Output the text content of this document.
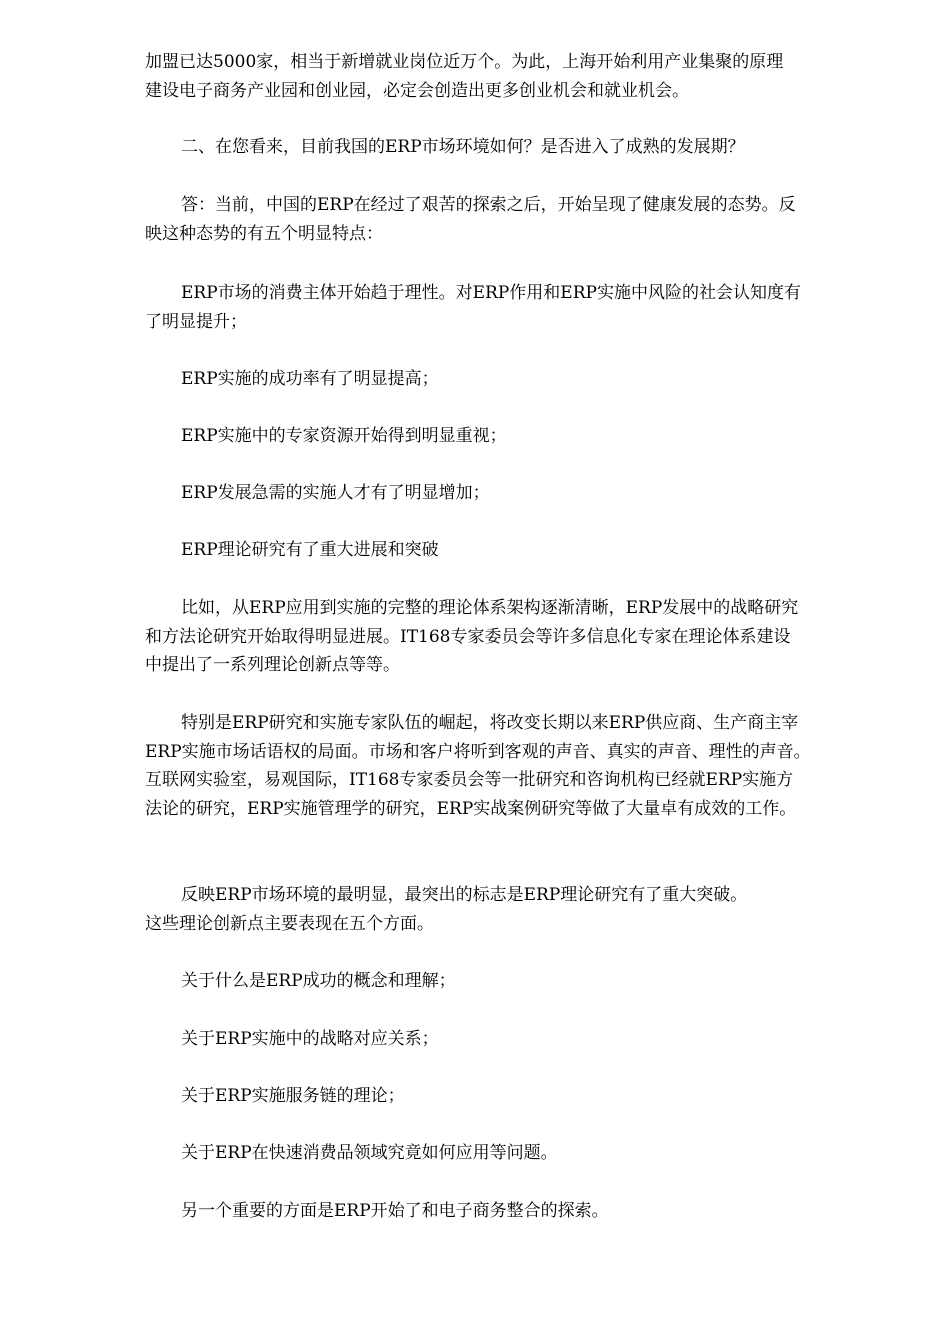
加盟已达5000家，相当于新增就业岗位近万个。为此，上海开始利用产业集聚的原理
建设电子商务产业园和创业园，必定会创造出更多创业机会和就业机会。
二、在您看来，目前我国的ERP市场环境如何？是否进入了成熟的发展期？
答：当前，中国的ERP在经过了艰苦的探索之后，开始呈现了健康发展的态势。反
映这种态势的有五个明显特点：
ERP市场的消费主体开始趋于理性。对ERP作用和ERP实施中风险的社会认知度有
了明显提升；
ERP实施的成功率有了明显提高；
ERP实施中的专家资源开始得到明显重视；
ERP发展急需的实施人才有了明显增加；
ERP理论研究有了重大进展和突破
比如，从ERP应用到实施的完整的理论体系架构逐渐清晰，ERP发展中的战略研究
和方法论研究开始取得明显进展。IT168专家委员会等许多信息化专家在理论体系建设
中提出了一系列理论创新点等等。
特别是ERP研究和实施专家队伍的崛起，将改变长期以来ERP供应商、生产商主宰
ERP实施市场话语权的局面。市场和客户将听到客观的声音、真实的声音、理性的声音。
互联网实验室，易观国际，IT168专家委员会等一批研究和咨询机构已经就ERP实施方
法论的研究，ERP实施管理学的研究，ERP实战案例研究等做了大量卓有成效的工作。
反映ERP市场环境的最明显，最突出的标志是ERP理论研究有了重大突破。
这些理论创新点主要表现在五个方面。
关于什么是ERP成功的概念和理解；
关于ERP实施中的战略对应关系；
关于ERP实施服务链的理论；
关于ERP在快速消费品领域究竟如何应用等问题。
另一个重要的方面是ERP开始了和电子商务整合的探索。
